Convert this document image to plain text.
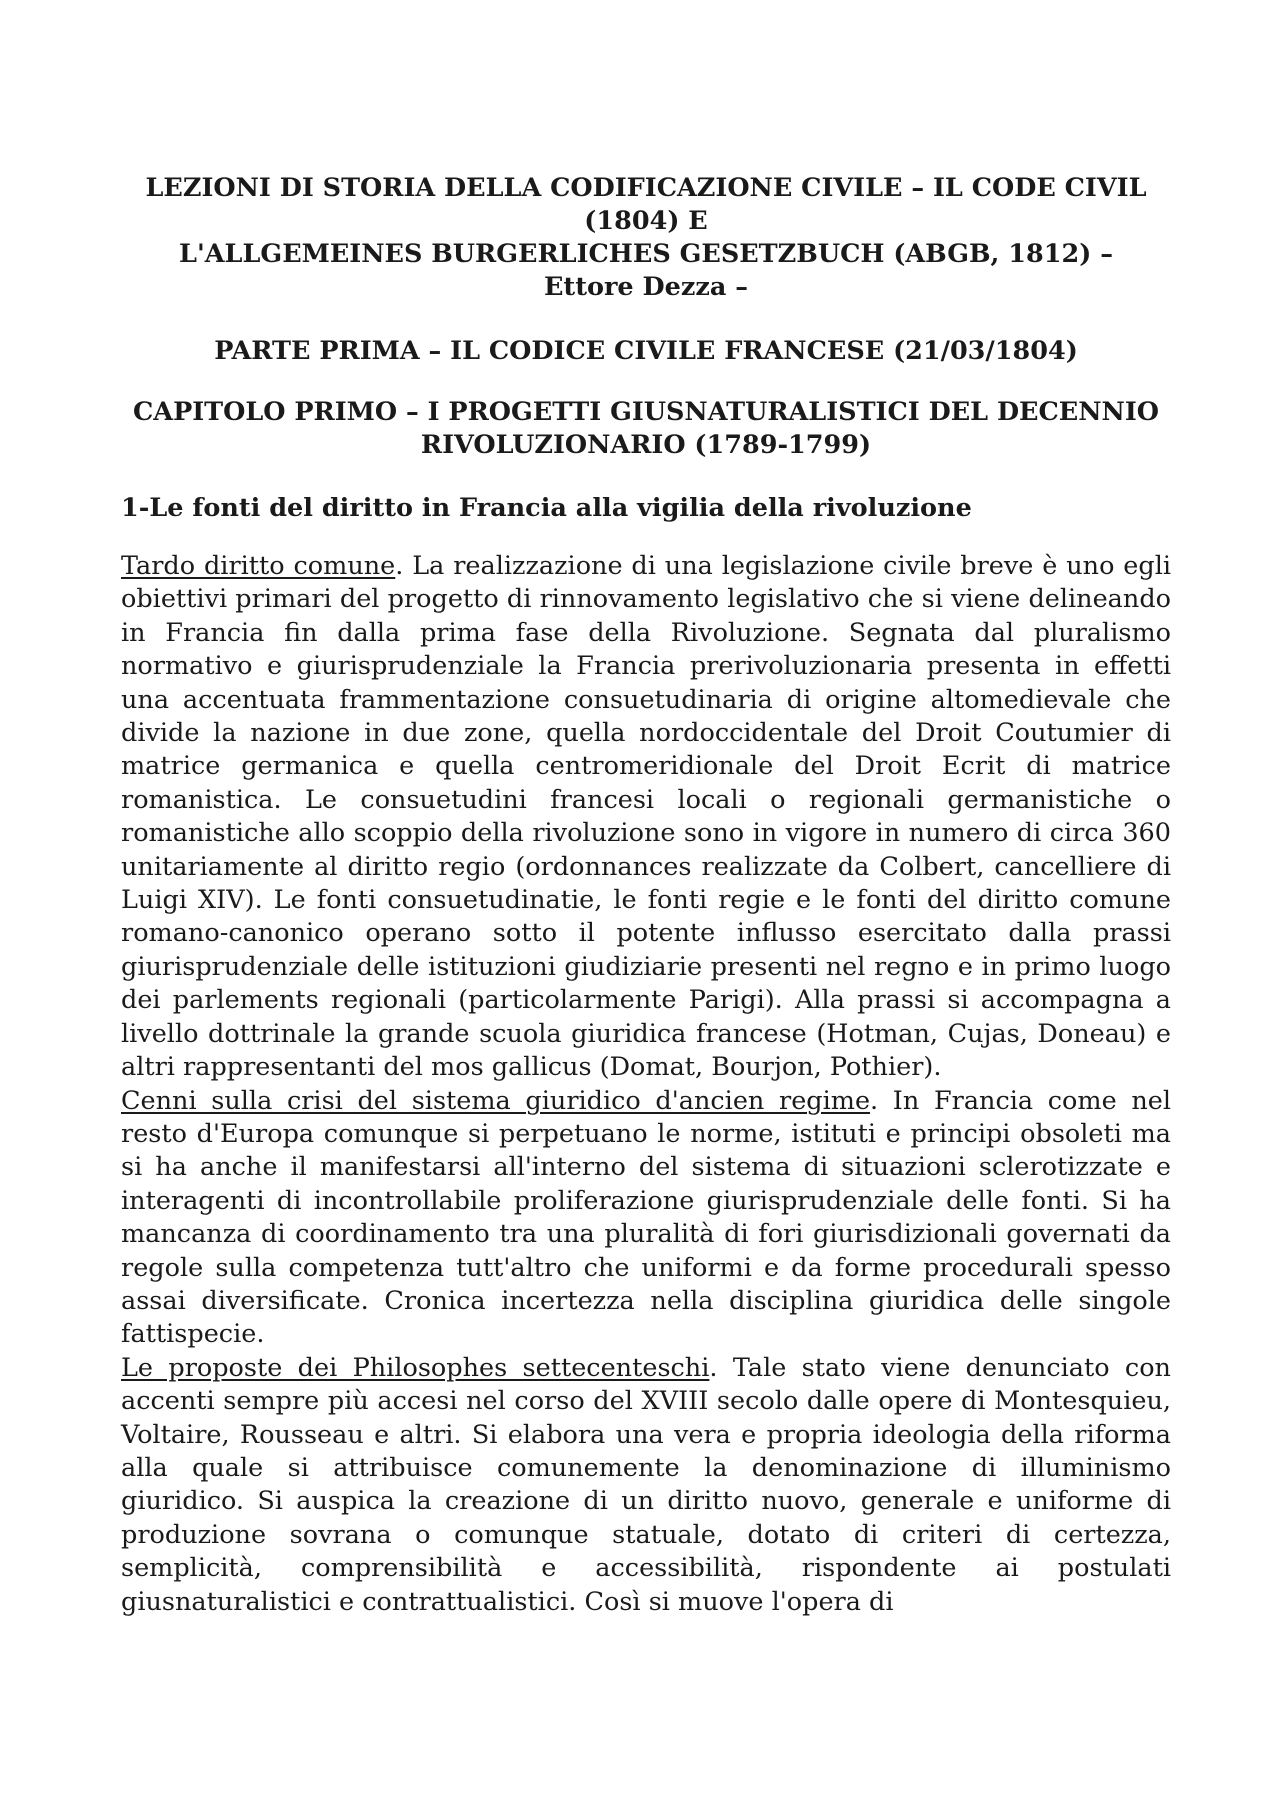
LEZIONI DI STORIA DELLA CODIFICAZIONE CIVILE – IL CODE CIVIL (1804) E
L'ALLGEMEINES BURGERLICHES GESETZBUCH (ABGB, 1812) –
Ettore Dezza –
PARTE PRIMA – IL CODICE CIVILE FRANCESE (21/03/1804)
CAPITOLO PRIMO – I PROGETTI GIUSNATURALISTICI DEL DECENNIO
RIVOLUZIONARIO (1789-1799)
1-Le fonti del diritto in Francia alla vigilia della rivoluzione

Tardo diritto comune. La realizzazione di una legislazione civile breve è uno egli obiettivi primari del progetto di rinnovamento legislativo che si viene delineando in Francia fin dalla prima fase della Rivoluzione. Segnata dal pluralismo normativo e giurisprudenziale la Francia prerivoluzionaria presenta in effetti una accentuata frammentazione consuetudinaria di origine altomedievale che divide la nazione in due zone, quella nordoccidentale del Droit Coutumier di matrice germanica e quella centromeridionale del Droit Ecrit di matrice romanistica. Le consuetudini francesi locali o regionali germanistiche o romanistiche allo scoppio della rivoluzione sono in vigore in numero di circa 360 unitariamente al diritto regio (ordonnances realizzate da Colbert, cancelliere di Luigi XIV). Le fonti consuetudinatie, le fonti regie e le fonti del diritto comune romano-canonico operano sotto il potente influsso esercitato dalla prassi giurisprudenziale delle istituzioni giudiziarie presenti nel regno e in primo luogo dei parlements regionali (particolarmente Parigi). Alla prassi si accompagna a livello dottrinale la grande scuola giuridica francese (Hotman, Cujas, Doneau) e altri rappresentanti del mos gallicus (Domat, Bourjon, Pothier).

Cenni sulla crisi del sistema giuridico d'ancien regime. In Francia come nel resto d'Europa comunque si perpetuano le norme, istituti e principi obsoleti ma si ha anche il manifestarsi all'interno del sistema di situazioni sclerotizzate e interagenti di incontrollabile proliferazione giurisprudenziale delle fonti. Si ha mancanza di coordinamento tra una pluralità di fori giurisdizionali governati da regole sulla competenza tutt'altro che uniformi e da forme procedurali spesso assai diversificate. Cronica incertezza nella disciplina giuridica delle singole fattispecie.

Le proposte dei Philosophes settecenteschi. Tale stato viene denunciato con accenti sempre più accesi nel corso del XVIII secolo dalle opere di Montesquieu, Voltaire, Rousseau e altri. Si elabora una vera e propria ideologia della riforma alla quale si attribuisce comunemente la denominazione di illuminismo giuridico. Si auspica la creazione di un diritto nuovo, generale e uniforme di produzione sovrana o comunque statuale, dotato di criteri di certezza, semplicità, comprensibilità e accessibilità, rispondente ai postulati giusnaturalistici e contrattualistici. Così si muove l'opera di
